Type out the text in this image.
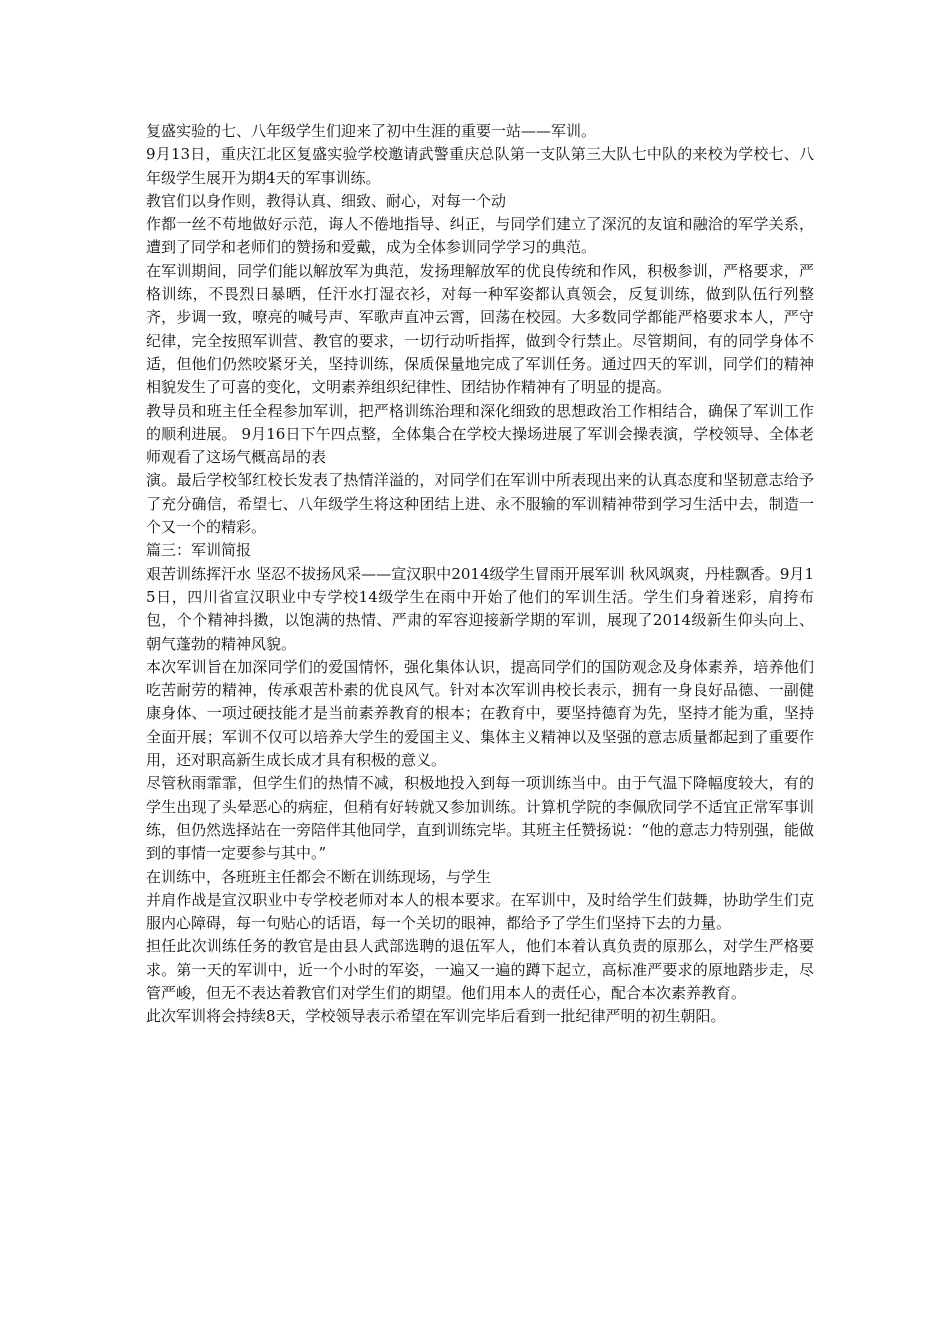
复盛实验的七、八年级学生们迎来了初中生涯的重要一站——军训。

9月13日，重庆江北区复盛实验学校邀请武警重庆总队第一支队第三大队七中队的来校为学校七、八年级学生展开为期4天的军事训练。

教官们以身作则，教得认真、细致、耐心，对每一个动

作都一丝不苟地做好示范，诲人不倦地指导、纠正，与同学们建立了深沉的友谊和融洽的军学关系，遭到了同学和老师们的赞扬和爱戴，成为全体参训同学学习的典范。

在军训期间，同学们能以解放军为典范，发扬理解放军的优良传统和作风，积极参训，严格要求，严格训练，不畏烈日暴晒，任汗水打湿衣衫，对每一种军姿都认真领会，反复训练，做到队伍行列整齐，步调一致，嘹亮的喊号声、军歌声直冲云霄，回荡在校园。大多数同学都能严格要求本人，严守纪律，完全按照军训营、教官的要求，一切行动听指挥，做到令行禁止。尽管期间，有的同学身体不适，但他们仍然咬紧牙关，坚持训练，保质保量地完成了军训任务。通过四天的军训，同学们的精神相貌发生了可喜的变化，文明素养组织纪律性、团结协作精神有了明显的提高。

教导员和班主任全程参加军训，把严格训练治理和深化细致的思想政治工作相结合，确保了军训工作的顺利进展。 9月16日下午四点整，全体集合在学校大操场进展了军训会操表演，学校领导、全体老师观看了这场气概高昂的表

演。最后学校邹红校长发表了热情洋溢的，对同学们在军训中所表现出来的认真态度和坚韧意志给予了充分确信，希望七、八年级学生将这种团结上进、永不服输的军训精神带到学习生活中去，制造一个又一个的精彩。

篇三：军训简报

艰苦训练挥汗水 坚忍不拔扬风采——宣汉职中2014级学生冒雨开展军训 秋风飒爽，丹桂飘香。9月15日，四川省宣汉职业中专学校14级学生在雨中开始了他们的军训生活。学生们身着迷彩，肩挎布包，个个精神抖擞，以饱满的热情、严肃的军容迎接新学期的军训，展现了2014级新生仰头向上、朝气蓬勃的精神风貌。

本次军训旨在加深同学们的爱国情怀，强化集体认识，提高同学们的国防观念及身体素养，培养他们吃苦耐劳的精神，传承艰苦朴素的优良风气。针对本次军训冉校长表示，拥有一身良好品德、一副健康身体、一项过硬技能才是当前素养教育的根本；在教育中，要坚持德育为先，坚持才能为重，坚持全面开展；军训不仅可以培养大学生的爱国主义、集体主义精神以及坚强的意志质量都起到了重要作用，还对职高新生成长成才具有积极的意义。

尽管秋雨霏霏，但学生们的热情不减，积极地投入到每一项训练当中。由于气温下降幅度较大，有的学生出现了头晕恶心的病症，但稍有好转就又参加训练。计算机学院的李佩欣同学不适宜正常军事训练，但仍然选择站在一旁陪伴其他同学，直到训练完毕。其班主任赞扬说：“他的意志力特别强，能做到的事情一定要参与其中。”

在训练中，各班班主任都会不断在训练现场，与学生

并肩作战是宣汉职业中专学校老师对本人的根本要求。在军训中，及时给学生们鼓舞，协助学生们克服内心障碍，每一句贴心的话语，每一个关切的眼神，都给予了学生们坚持下去的力量。

担任此次训练任务的教官是由县人武部选聘的退伍军人，他们本着认真负责的原那么，对学生严格要求。第一天的军训中，近一个小时的军姿，一遍又一遍的蹲下起立，高标准严要求的原地踏步走，尽管严峻，但无不表达着教官们对学生们的期望。他们用本人的责任心，配合本次素养教育。

此次军训将会持续8天，学校领导表示希望在军训完毕后看到一批纪律严明的初生朝阳。
